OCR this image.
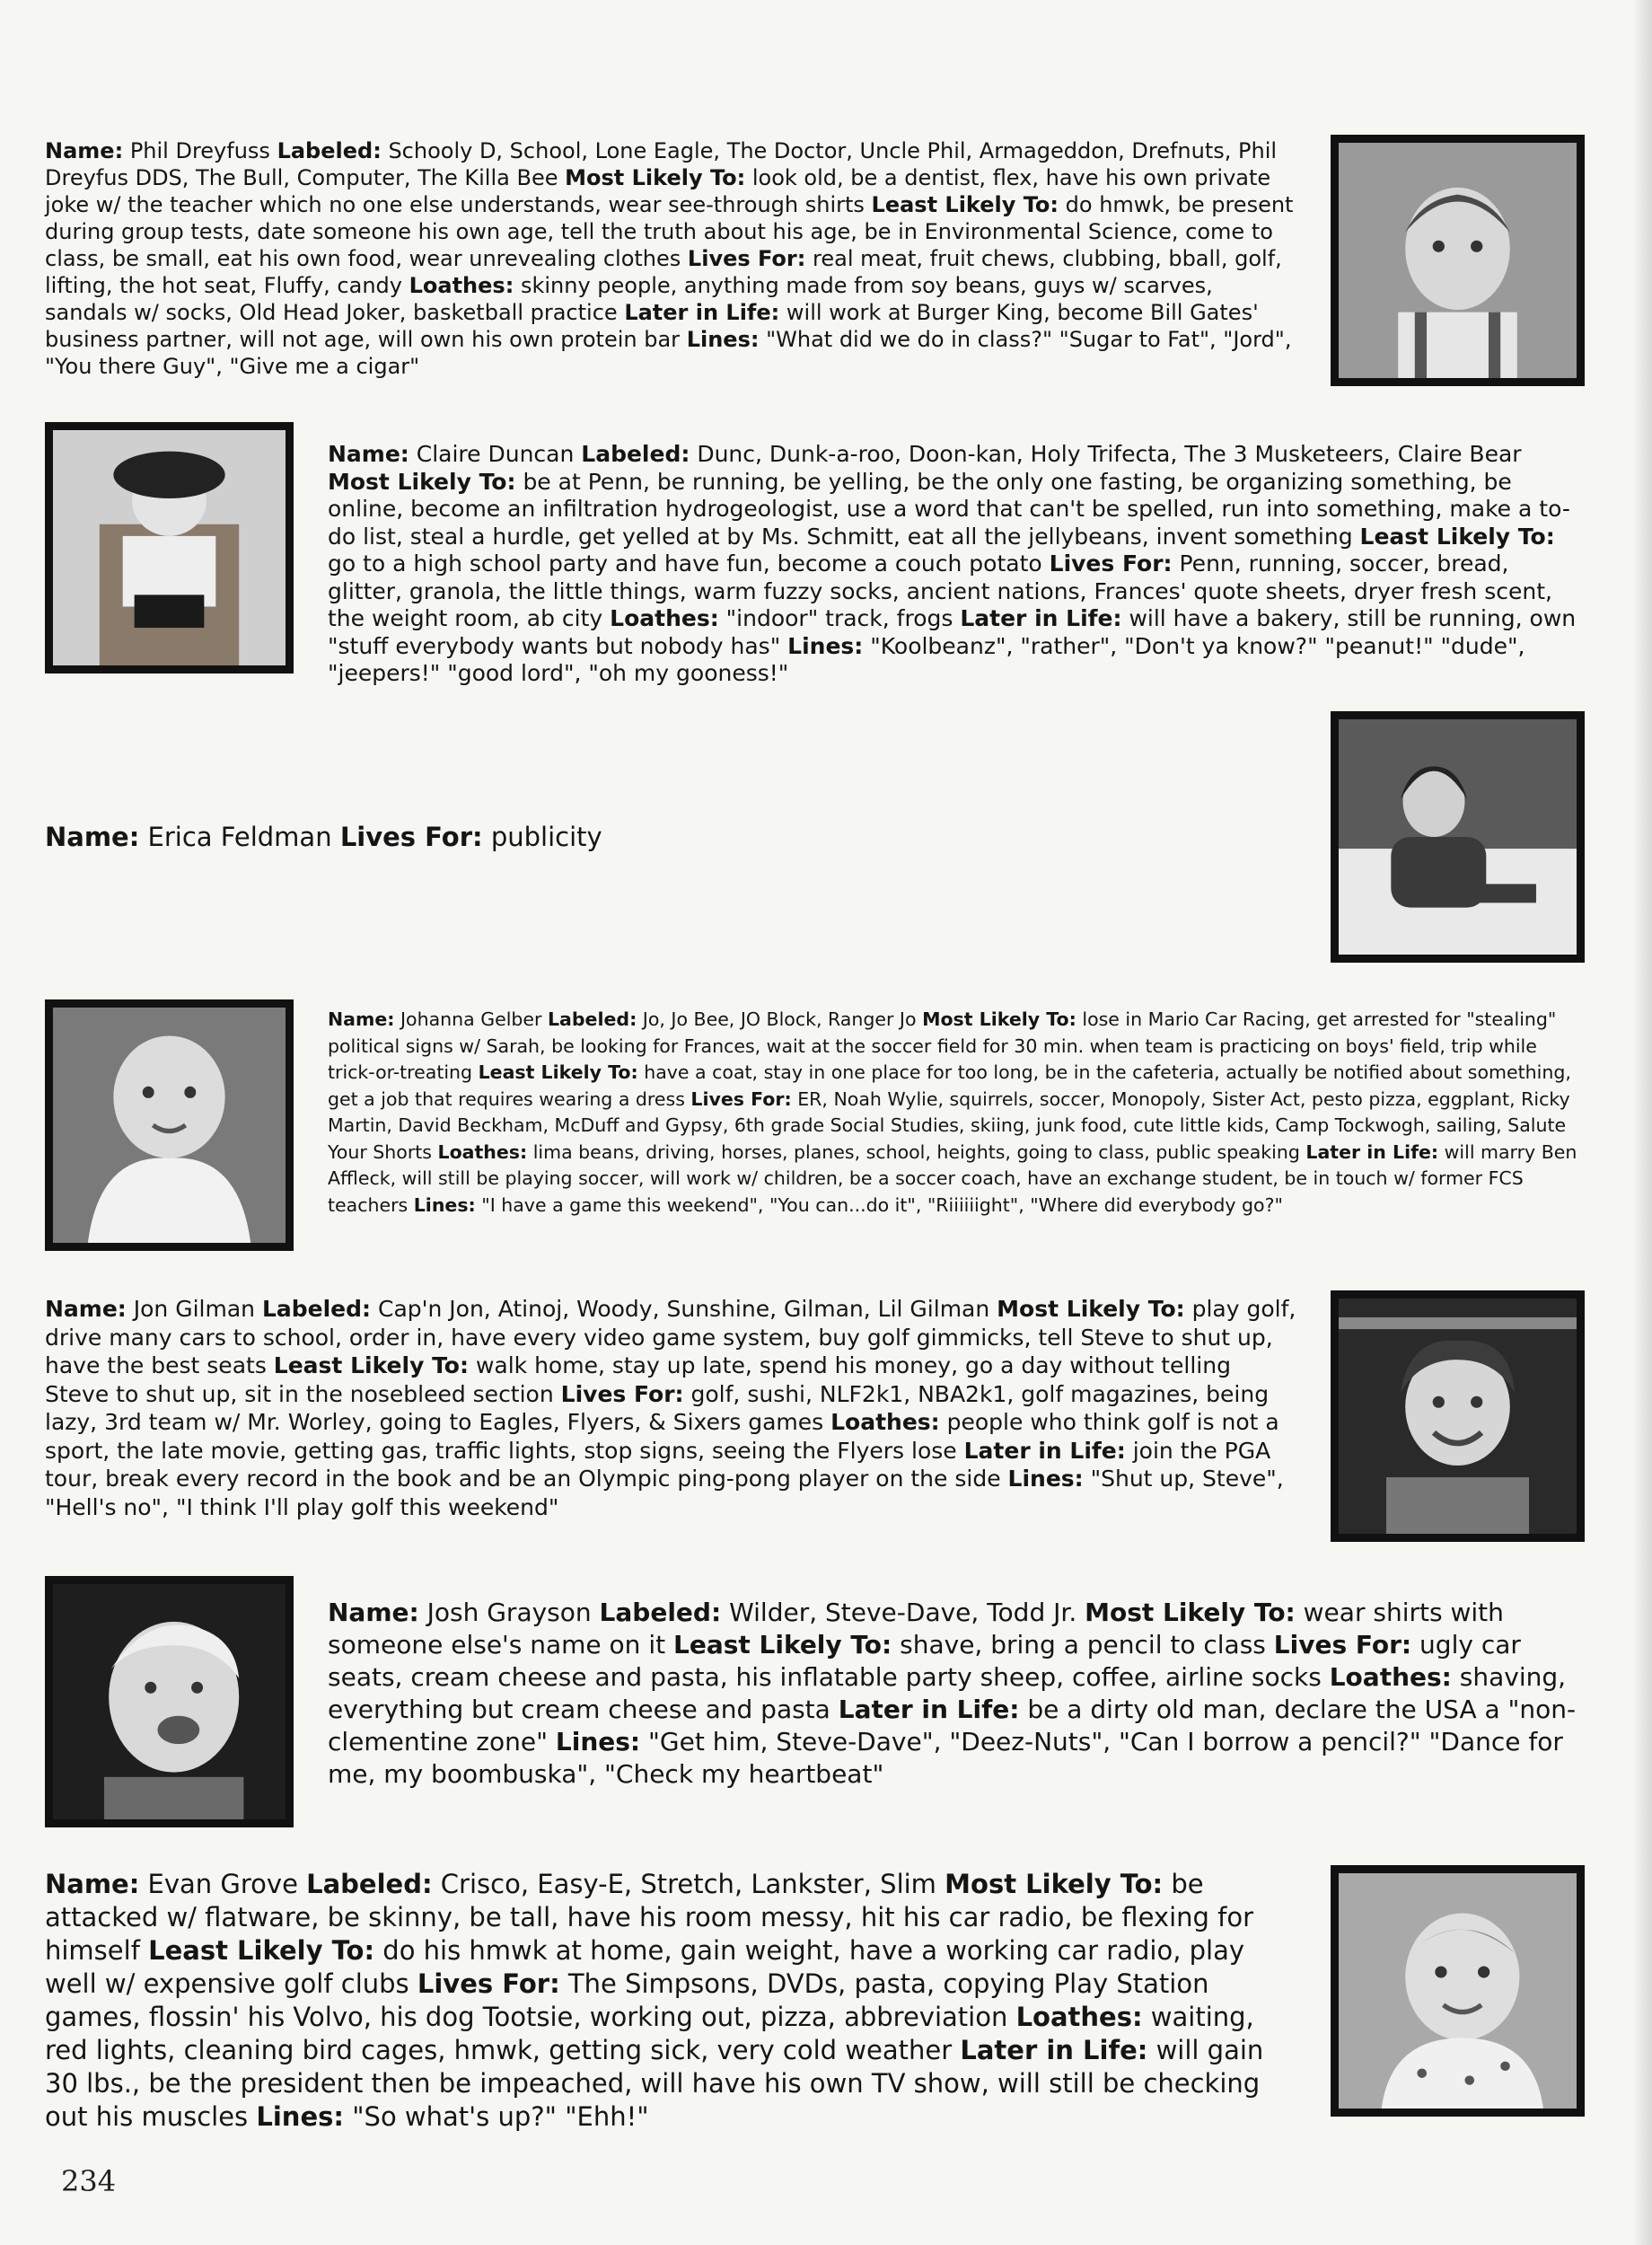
Name: Phil Dreyfuss Labeled: Schooly D, School, Lone Eagle, The Doctor, Uncle Phil, Armageddon, Drefnuts, Phil Dreyfus DDS, The Bull, Computer, The Killa Bee Most Likely To: look old, be a dentist, flex, have his own private joke w/ the teacher which no one else understands, wear see-through shirts Least Likely To: do hmwk, be present during group tests, date someone his own age, tell the truth about his age, be in Environmental Science, come to class, be small, eat his own food, wear unrevealing clothes Lives For: real meat, fruit chews, clubbing, bball, golf, lifting, the hot seat, Fluffy, candy Loathes: skinny people, anything made from soy beans, guys w/ scarves, sandals w/ socks, Old Head Joker, basketball practice Later in Life: will work at Burger King, become Bill Gates' business partner, will not age, will own his own protein bar Lines: "What did we do in class?" "Sugar to Fat", "Jord", "You there Guy", "Give me a cigar"

Name: Claire Duncan Labeled: Dunc, Dunk-a-roo, Doon-kan, Holy Trifecta, The 3 Musketeers, Claire Bear Most Likely To: be at Penn, be running, be yelling, be the only one fasting, be organizing something, be online, become an infiltration hydrogeologist, use a word that can't be spelled, run into something, make a to-do list, steal a hurdle, get yelled at by Ms. Schmitt, eat all the jellybeans, invent something Least Likely To: go to a high school party and have fun, become a couch potato Lives For: Penn, running, soccer, bread, glitter, granola, the little things, warm fuzzy socks, ancient nations, Frances' quote sheets, dryer fresh scent, the weight room, ab city Loathes: "indoor" track, frogs Later in Life: will have a bakery, still be running, own "stuff everybody wants but nobody has" Lines: "Koolbeanz", "rather", "Don't ya know?" "peanut!" "dude", "jeepers!" "good lord", "oh my gooness!"

Name: Erica Feldman Lives For: publicity

Name: Johanna Gelber Labeled: Jo, Jo Bee, JO Block, Ranger Jo Most Likely To: lose in Mario Car Racing, get arrested for "stealing" political signs w/ Sarah, be looking for Frances, wait at the soccer field for 30 min. when team is practicing on boys' field, trip while trick-or-treating Least Likely To: have a coat, stay in one place for too long, be in the cafeteria, actually be notified about something, get a job that requires wearing a dress Lives For: ER, Noah Wylie, squirrels, soccer, Monopoly, Sister Act, pesto pizza, eggplant, Ricky Martin, David Beckham, McDuff and Gypsy, 6th grade Social Studies, skiing, junk food, cute little kids, Camp Tockwogh, sailing, Salute Your Shorts Loathes: lima beans, driving, horses, planes, school, heights, going to class, public speaking Later in Life: will marry Ben Affleck, will still be playing soccer, will work w/ children, be a soccer coach, have an exchange student, be in touch w/ former FCS teachers Lines: "I have a game this weekend", "You can...do it", "Riiiiiight", "Where did everybody go?"

Name: Jon Gilman Labeled: Cap'n Jon, Atinoj, Woody, Sunshine, Gilman, Lil Gilman Most Likely To: play golf, drive many cars to school, order in, have every video game system, buy golf gimmicks, tell Steve to shut up, have the best seats Least Likely To: walk home, stay up late, spend his money, go a day without telling Steve to shut up, sit in the nosebleed section Lives For: golf, sushi, NLF2k1, NBA2k1, golf magazines, being lazy, 3rd team w/ Mr. Worley, going to Eagles, Flyers, & Sixers games Loathes: people who think golf is not a sport, the late movie, getting gas, traffic lights, stop signs, seeing the Flyers lose Later in Life: join the PGA tour, break every record in the book and be an Olympic ping-pong player on the side Lines: "Shut up, Steve", "Hell's no", "I think I'll play golf this weekend"

Name: Josh Grayson Labeled: Wilder, Steve-Dave, Todd Jr. Most Likely To: wear shirts with someone else's name on it Least Likely To: shave, bring a pencil to class Lives For: ugly car seats, cream cheese and pasta, his inflatable party sheep, coffee, airline socks Loathes: shaving, everything but cream cheese and pasta Later in Life: be a dirty old man, declare the USA a "non-clementine zone" Lines: "Get him, Steve-Dave", "Deez-Nuts", "Can I borrow a pencil?" "Dance for me, my boombuska", "Check my heartbeat"

Name: Evan Grove Labeled: Crisco, Easy-E, Stretch, Lankster, Slim Most Likely To: be attacked w/ flatware, be skinny, be tall, have his room messy, hit his car radio, be flexing for himself Least Likely To: do his hmwk at home, gain weight, have a working car radio, play well w/ expensive golf clubs Lives For: The Simpsons, DVDs, pasta, copying Play Station games, flossin' his Volvo, his dog Tootsie, working out, pizza, abbreviation Loathes: waiting, red lights, cleaning bird cages, hmwk, getting sick, very cold weather Later in Life: will gain 30 lbs., be the president then be impeached, will have his own TV show, will still be checking out his muscles Lines: "So what's up?" "Ehh!"

234
